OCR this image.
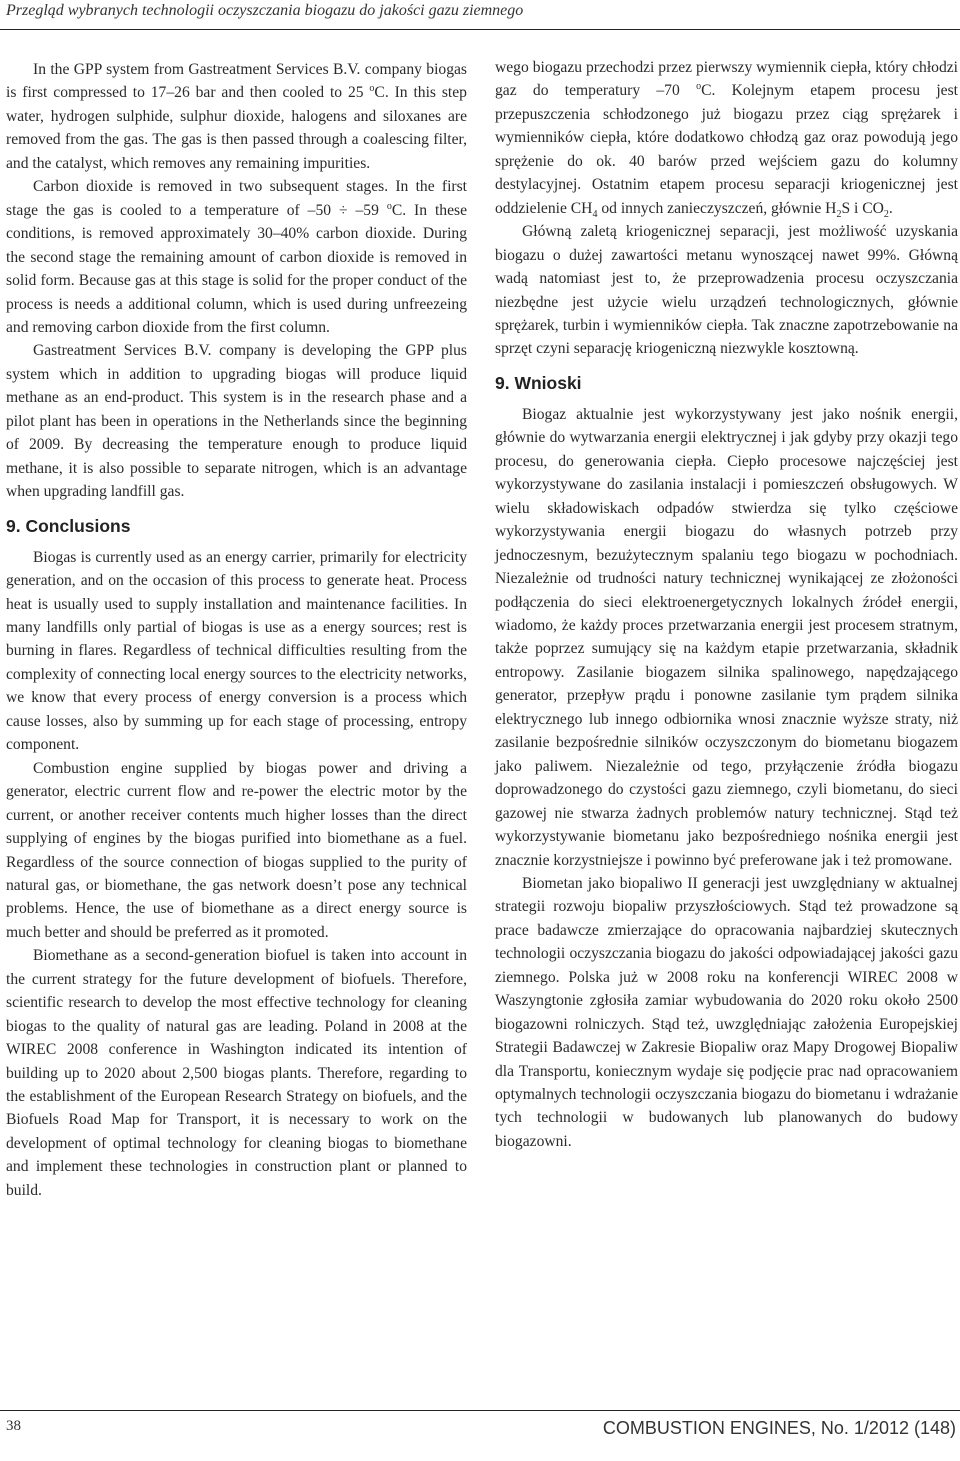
Przegląd wybranych technologii oczyszczania biogazu do jakości gazu ziemnego

In the GPP system from Gastreatment Services B.V. company biogas is first compressed to 17–26 bar and then cooled to 25 $^o$C. In this step water, hydrogen sulphide, sulphur dioxide, halogens and siloxanes are removed from the gas. The gas is then passed through a coalescing filter, and the catalyst, which removes any remaining impurities.

Carbon dioxide is removed in two subsequent stages. In the first stage the gas is cooled to a temperature of –50 ÷ –59 $^o$C. In these conditions, is removed approximately 30–40% carbon dioxide. During the second stage the remaining amount of carbon dioxide is removed in solid form. Because gas at this stage is solid for the proper conduct of the process is needs a additional column, which is used during unfreezeing and removing carbon dioxide from the first column.

Gastreatment Services B.V. company is developing the GPP plus system which in addition to upgrading biogas will produce liquid methane as an end-product. This system is in the research phase and a pilot plant has been in operations in the Netherlands since the beginning of 2009. By decreasing the temperature enough to produce liquid methane, it is also possible to separate nitrogen, which is an advantage when upgrading landfill gas.

9. Conclusions

Biogas is currently used as an energy carrier, primarily for electricity generation, and on the occasion of this process to generate heat. Process heat is usually used to supply installation and maintenance facilities. In many landfills only partial of biogas is use as a energy sources; rest is burning in flares. Regardless of technical difficulties resulting from the complexity of connecting local energy sources to the electricity networks, we know that every process of energy conversion is a process which cause losses, also by summing up for each stage of processing, entropy component.

Combustion engine supplied by biogas power and driving a generator, electric current flow and re-power the electric motor by the current, or another receiver contents much higher losses than the direct supplying of engines by the biogas purified into biomethane as a fuel. Regardless of the source connection of biogas supplied to the purity of natural gas, or biomethane, the gas network doesn’t pose any technical problems. Hence, the use of biomethane as a direct energy source is much better and should be preferred as it promoted.

Biomethane as a second-generation biofuel is taken into account in the current strategy for the future development of biofuels. Therefore, scientific research to develop the most effective technology for cleaning biogas to the quality of natural gas are leading. Poland in 2008 at the WIREC 2008 conference in Washington indicated its intention of building up to 2020 about 2,500 biogas plants. Therefore, regarding to the establishment of the European Research Strategy on biofuels, and the Biofuels Road Map for Transport, it is necessary to work on the development of optimal technology for cleaning biogas to biomethane and implement these technologies in construction plant or planned to build.

wego biogazu przechodzi przez pierwszy wymiennik ciepła, który chłodzi gaz do temperatury –70 $^o$C. Kolejnym etapem procesu jest przepuszczenia schłodzonego już biogazu przez ciąg sprężarek i wymienników ciepła, które dodatkowo chłodzą gaz oraz powodują jego sprężenie do ok. 40 barów przed wejściem gazu do kolumny destylacyjnej. Ostatnim etapem procesu separacji kriogenicznej jest oddzielenie $CH_4$ od innych zanieczyszczeń, głównie $H_2S$ i $CO_2$.

Główną zaletą kriogenicznej separacji, jest możliwość uzyskania biogazu o dużej zawartości metanu wynoszącej nawet 99%. Główną wadą natomiast jest to, że przeprowadzenia procesu oczyszczania niezbędne jest użycie wielu urządzeń technologicznych, głównie sprężarek, turbin i wymienników ciepła. Tak znaczne zapotrzebowanie na sprzęt czyni separację kriogeniczną niezwykle kosztowną.

9. Wnioski

Biogaz aktualnie jest wykorzystywany jest jako nośnik energii, głównie do wytwarzania energii elektrycznej i jak gdyby przy okazji tego procesu, do generowania ciepła. Ciepło procesowe najczęściej jest wykorzystywane do zasilania instalacji i pomieszczeń obsługowych. W wielu składowiskach odpadów stwierdza się tylko częściowe wykorzystywania energii biogazu do własnych potrzeb przy jednoczesnym, bezużytecznym spalaniu tego biogazu w pochodniach. Niezależnie od trudności natury technicznej wynikającej ze złożoności podłączenia do sieci elektroenergetycznych lokalnych źródeł energii, wiadomo, że każdy proces przetwarzania energii jest procesem stratnym, także poprzez sumujący się na każdym etapie przetwarzania, składnik entropowy. Zasilanie biogazem silnika spalinowego, napędzającego generator, przepływ prądu i ponowne zasilanie tym prądem silnika elektrycznego lub innego odbiornika wnosi znacznie wyższe straty, niż zasilanie bezpośrednie silników oczyszczonym do biometanu biogazem jako paliwem. Niezależnie od tego, przyłączenie źródła biogazu doprowadzonego do czystości gazu ziemnego, czyli biometanu, do sieci gazowej nie stwarza żadnych problemów natury technicznej. Stąd też wykorzystywanie biometanu jako bezpośredniego nośnika energii jest znacznie korzystniejsze i powinno być preferowane jak i też promowane.

Biometan jako biopaliwo II generacji jest uwzględniany w aktualnej strategii rozwoju biopaliw przyszłościowych. Stąd też prowadzone są prace badawcze zmierzające do opracowania najbardziej skutecznych technologii oczyszczania biogazu do jakości odpowiadającej jakości gazu ziemnego. Polska już w 2008 roku na konferencji WIREC 2008 w Waszyngtonie zgłosiła zamiar wybudowania do 2020 roku około 2500 biogazowni rolniczych. Stąd też, uwzględniając założenia Europejskiej Strategii Badawczej w Zakresie Biopaliw oraz Mapy Drogowej Biopaliw dla Transportu, koniecznym wydaje się podjęcie prac nad opracowaniem optymalnych technologii oczyszczania biogazu do biometanu i wdrażanie tych technologii w budowanych lub planowanych do budowy biogazowni.

38	COMBUSTION ENGINES, No. 1/2012 (148)
